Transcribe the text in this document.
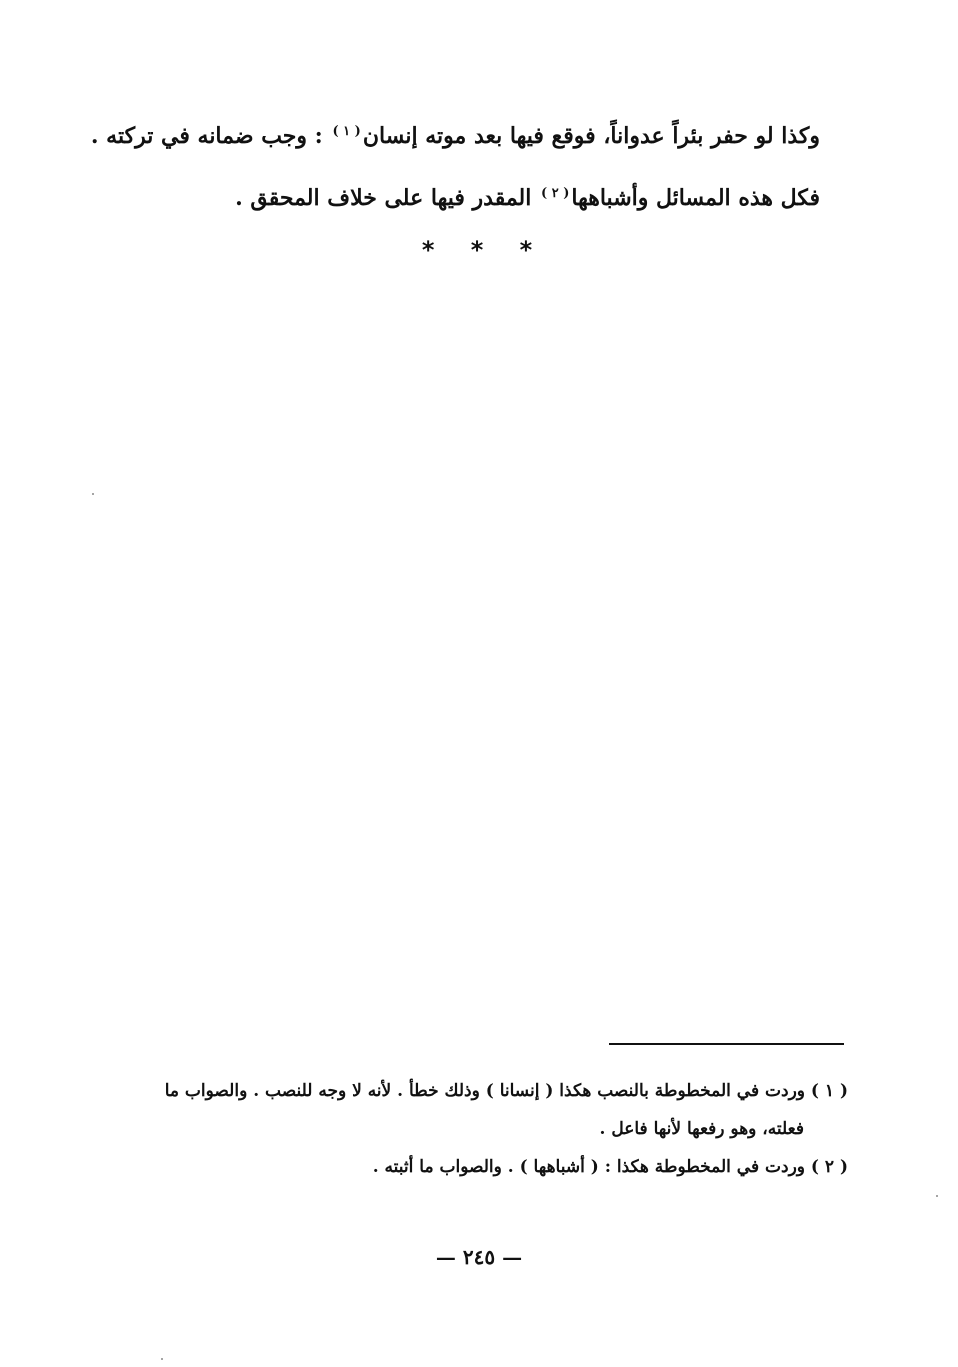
وكذا لو حفر بئراً عدواناً، فوقع فيها بعد موته إنسان$^{( ١ )}$ : وجب ضمانه في تركته .

فكل هذه المسائل وأشباهها$^{( ٢ )}$ المقدر فيها على خلاف المحقق .

* * *

( ١ ) وردت في المخطوطة بالنصب هكذا ( إنسانا ) وذلك خطأ . لأنه لا وجه للنصب . والصواب ما

فعلته، وهو رفعها لأنها فاعل .

( ٢ ) وردت في المخطوطة هكذا : ( أشباهها ) . والصواب ما أثبته .

— ٢٤٥ —
